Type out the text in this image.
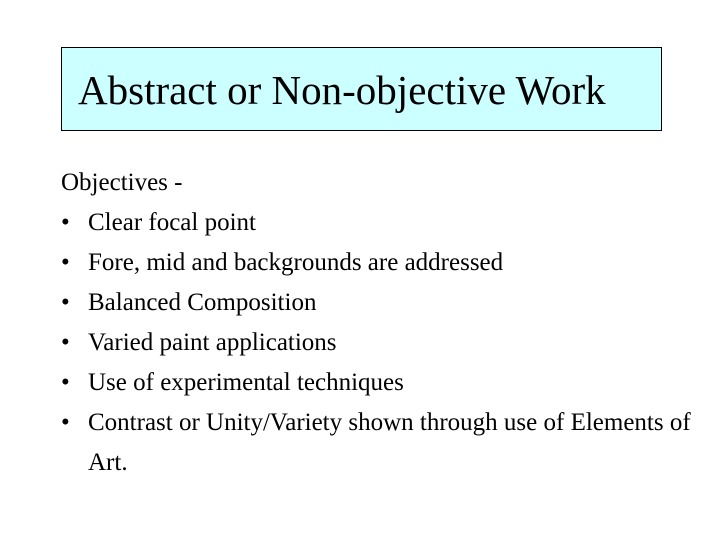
Abstract or Non-objective Work
Objectives -
• Clear focal point
• Fore, mid and backgrounds are addressed
• Balanced Composition
• Varied paint applications
• Use of experimental techniques
• Contrast or Unity/Variety shown through use of Elements of Art.
